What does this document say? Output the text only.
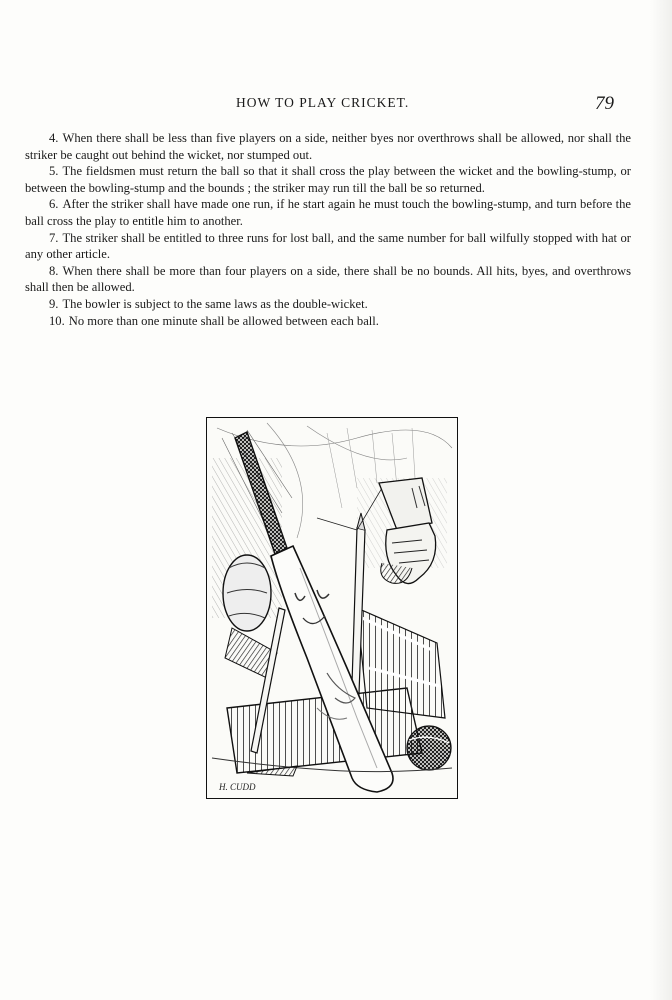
HOW TO PLAY CRICKET.	79

4. When there shall be less than five players on a side, neither byes nor overthrows shall be allowed, nor shall the striker be caught out behind the wicket, nor stumped out.

5. The fieldsmen must return the ball so that it shall cross the play between the wicket and the bowling-stump, or between the bowling-stump and the bounds ; the striker may run till the ball be so returned.

6. After the striker shall have made one run, if he start again he must touch the bowling-stump, and turn before the ball cross the play to entitle him to another.

7. The striker shall be entitled to three runs for lost ball, and the same number for ball wilfully stopped with hat or any other article.

8. When there shall be more than four players on a side, there shall be no bounds. All hits, byes, and overthrows shall then be allowed.

9. The bowler is subject to the same laws as the double-wicket.

10. No more than one minute shall be allowed between each ball.

H. CUDD
